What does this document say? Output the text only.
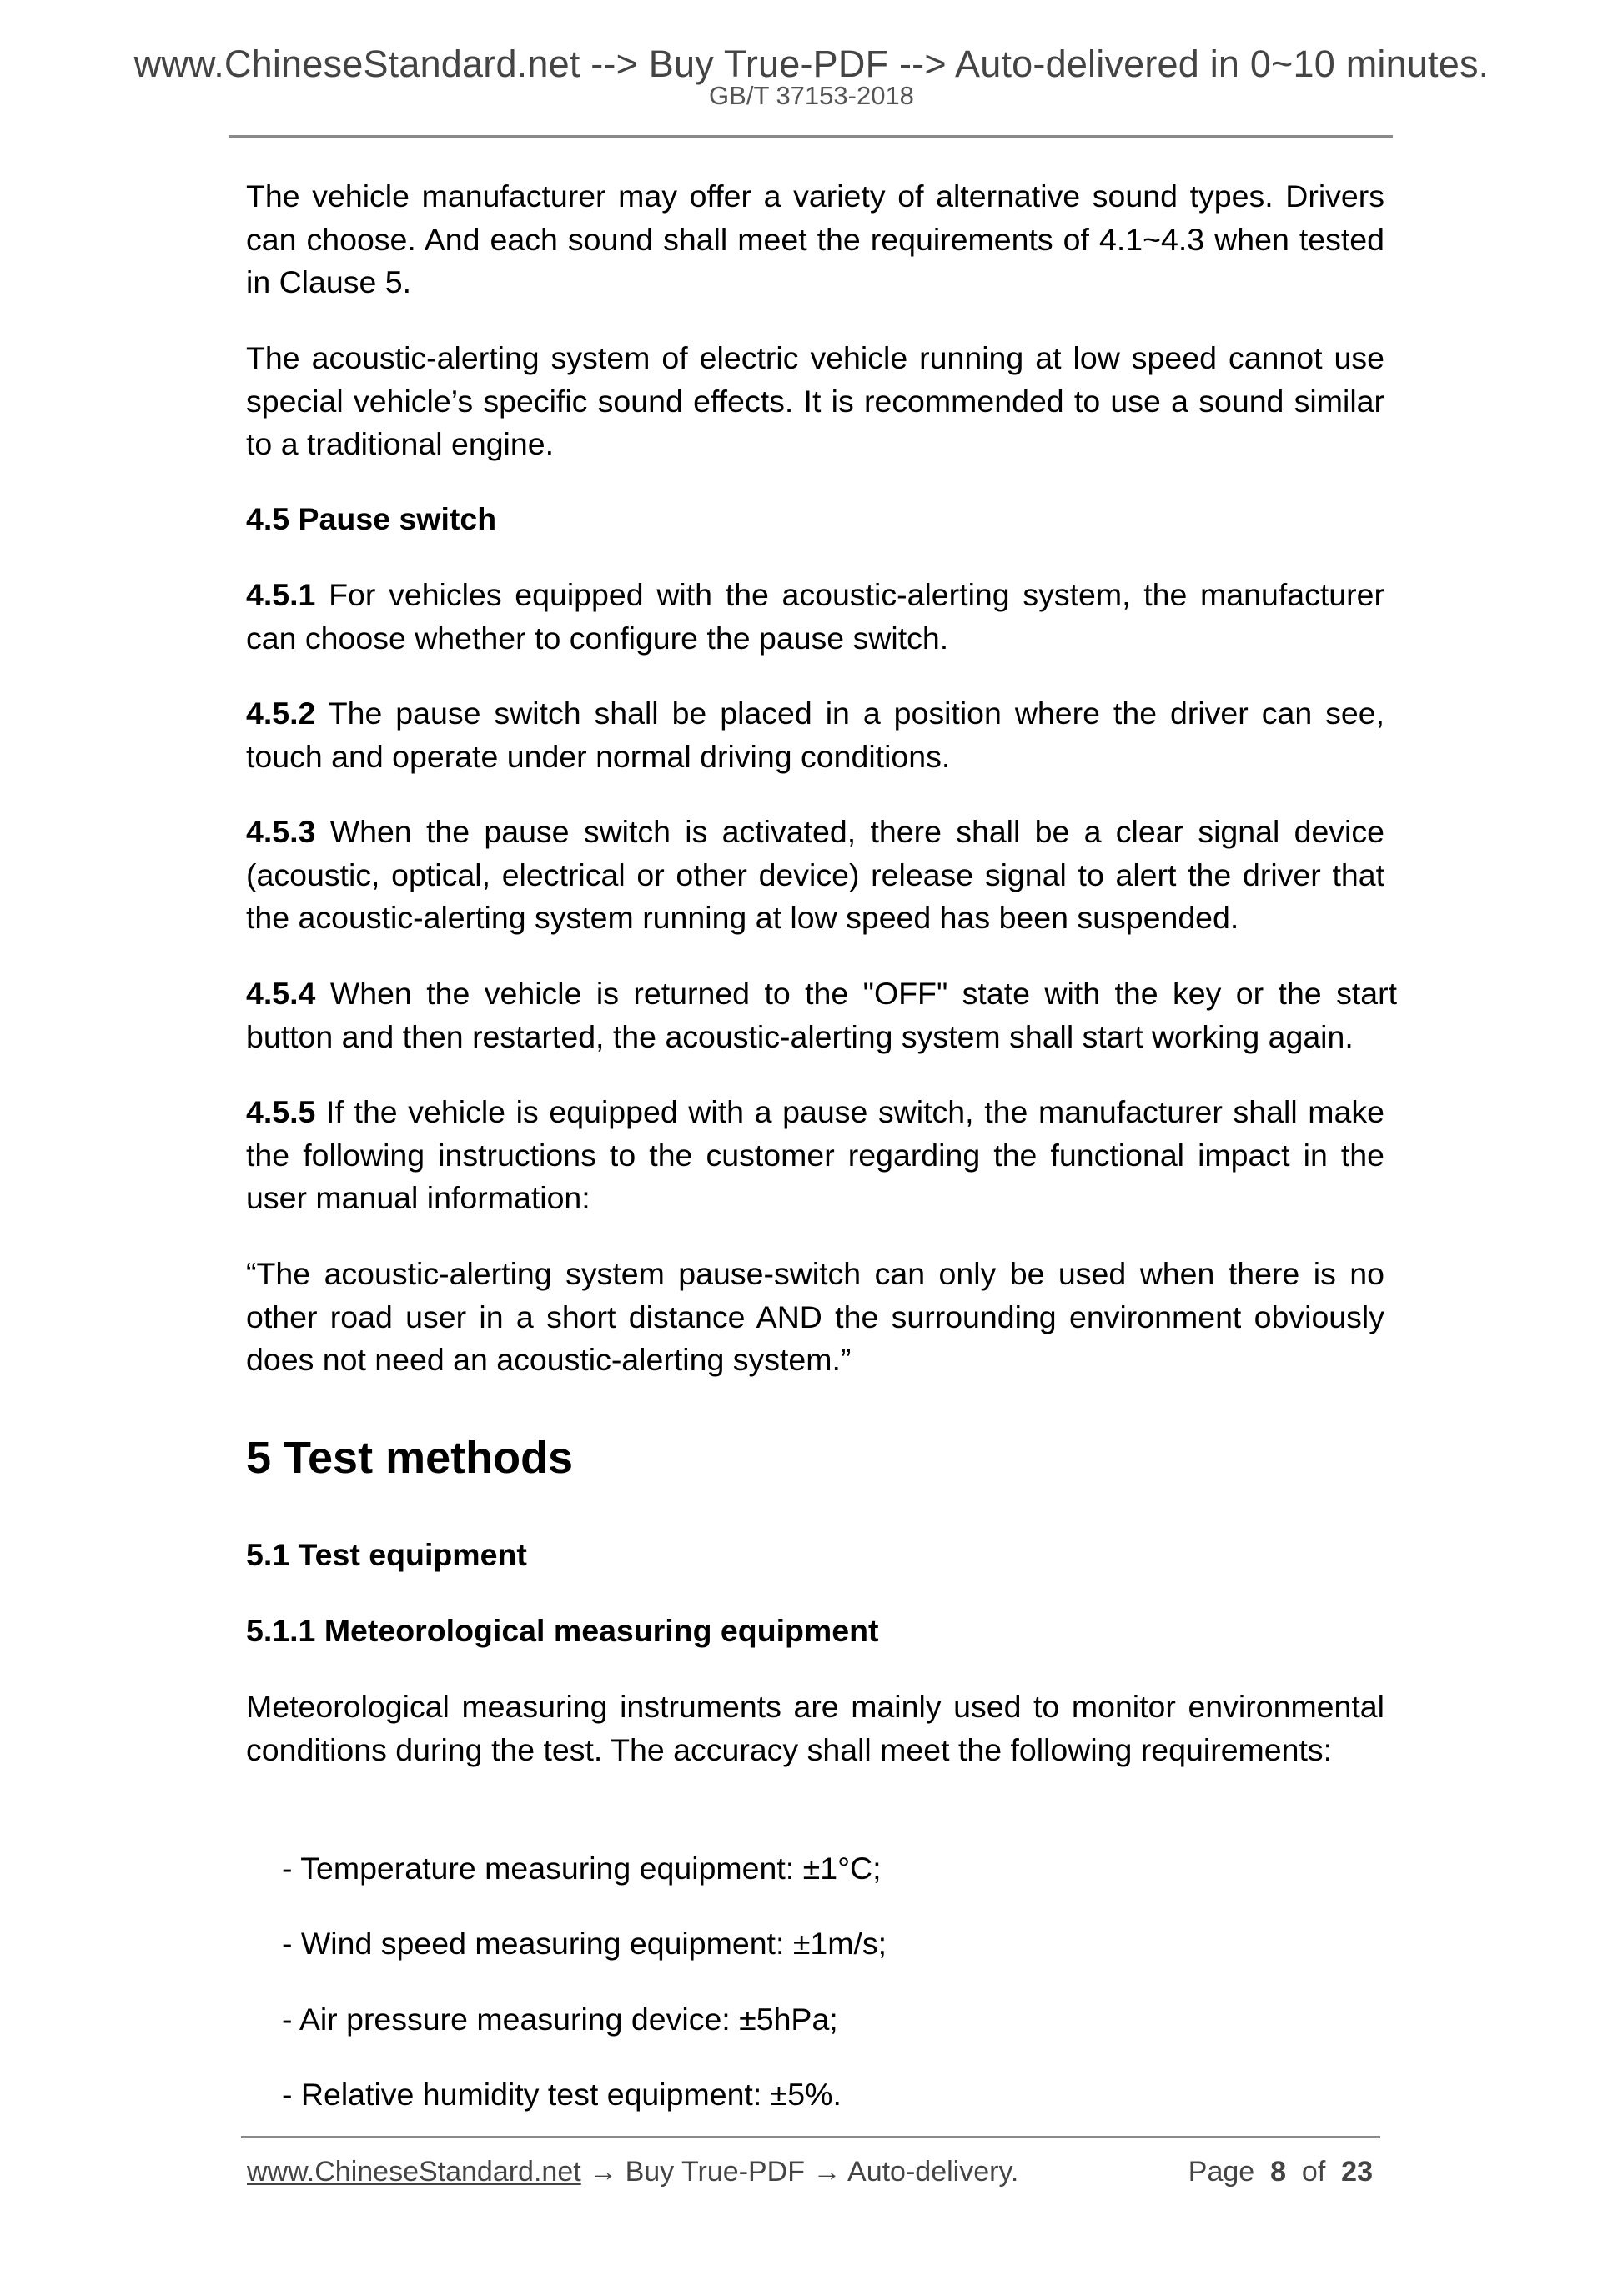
www.ChineseStandard.net --> Buy True-PDF --> Auto-delivered in 0~10 minutes.
GB/T 37153-2018
The vehicle manufacturer may offer a variety of alternative sound types. Drivers can choose. And each sound shall meet the requirements of 4.1~4.3 when tested in Clause 5.
The acoustic-alerting system of electric vehicle running at low speed cannot use special vehicle’s specific sound effects. It is recommended to use a sound similar to a traditional engine.
4.5 Pause switch
4.5.1 For vehicles equipped with the acoustic-alerting system, the manufacturer can choose whether to configure the pause switch.
4.5.2 The pause switch shall be placed in a position where the driver can see, touch and operate under normal driving conditions.
4.5.3 When the pause switch is activated, there shall be a clear signal device (acoustic, optical, electrical or other device) release signal to alert the driver that the acoustic-alerting system running at low speed has been suspended.
4.5.4 When the vehicle is returned to the "OFF" state with the key or the start button and then restarted, the acoustic-alerting system shall start working again.
4.5.5 If the vehicle is equipped with a pause switch, the manufacturer shall make the following instructions to the customer regarding the functional impact in the user manual information:
“The acoustic-alerting system pause-switch can only be used when there is no other road user in a short distance AND the surrounding environment obviously does not need an acoustic-alerting system.”
5 Test methods
5.1 Test equipment
5.1.1 Meteorological measuring equipment
Meteorological measuring instruments are mainly used to monitor environmental conditions during the test. The accuracy shall meet the following requirements:
- Temperature measuring equipment: ±1°C;
- Wind speed measuring equipment: ±1m/s;
- Air pressure measuring device: ±5hPa;
- Relative humidity test equipment: ±5%.
www.ChineseStandard.net → Buy True-PDF → Auto-delivery.	Page 8 of 23
